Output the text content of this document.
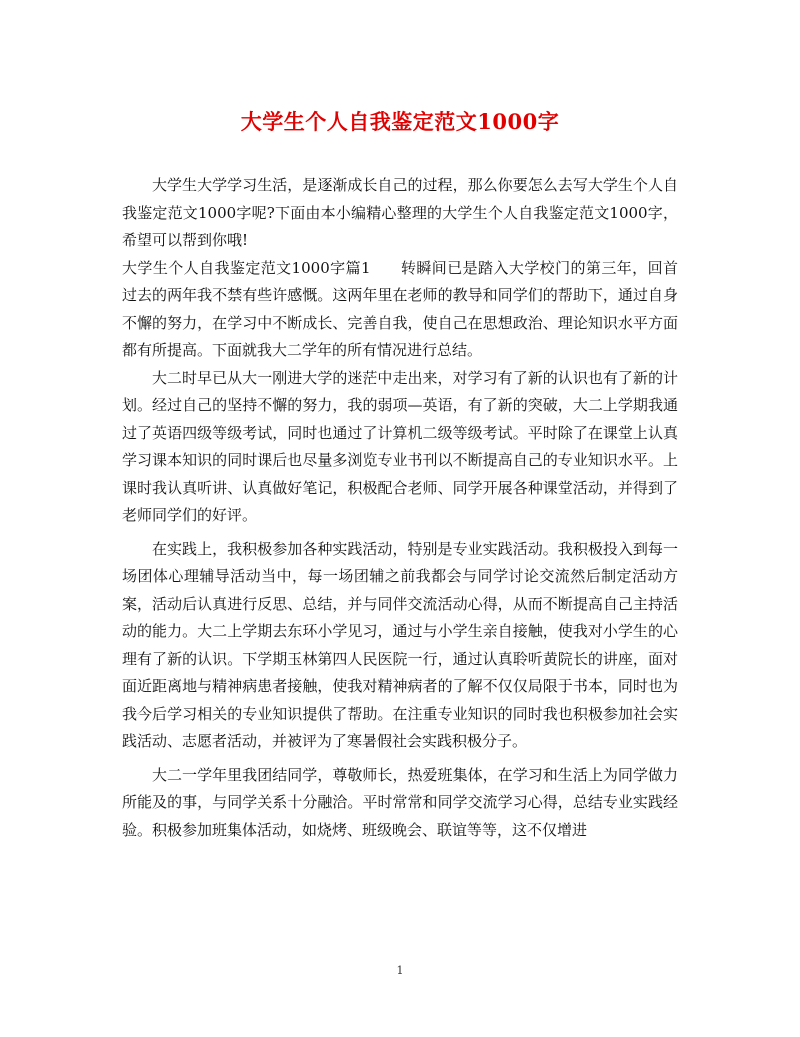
大学生个人自我鉴定范文1000字

大学生大学学习生活，是逐渐成长自己的过程，那么你要怎么去写大学生个人自我鉴定范文1000字呢?下面由本小编精心整理的大学生个人自我鉴定范文1000字，希望可以帮到你哦!

大学生个人自我鉴定范文1000字篇1 转瞬间已是踏入大学校门的第三年，回首过去的两年我不禁有些许感慨。这两年里在老师的教导和同学们的帮助下，通过自身不懈的努力，在学习中不断成长、完善自我，使自己在思想政治、理论知识水平方面都有所提高。下面就我大二学年的所有情况进行总结。

大二时早已从大一刚进大学的迷茫中走出来，对学习有了新的认识也有了新的计划。经过自己的坚持不懈的努力，我的弱项—英语，有了新的突破，大二上学期我通过了英语四级等级考试，同时也通过了计算机二级等级考试。平时除了在课堂上认真学习课本知识的同时课后也尽量多浏览专业书刊以不断提高自己的专业知识水平。上课时我认真听讲、认真做好笔记，积极配合老师、同学开展各种课堂活动，并得到了老师同学们的好评。

在实践上，我积极参加各种实践活动，特别是专业实践活动。我积极投入到每一场团体心理辅导活动当中，每一场团辅之前我都会与同学讨论交流然后制定活动方案，活动后认真进行反思、总结，并与同伴交流活动心得，从而不断提高自己主持活动的能力。大二上学期去东环小学见习，通过与小学生亲自接触，使我对小学生的心理有了新的认识。下学期玉林第四人民医院一行，通过认真聆听黄院长的讲座，面对面近距离地与精神病患者接触，使我对精神病者的了解不仅仅局限于书本，同时也为我今后学习相关的专业知识提供了帮助。在注重专业知识的同时我也积极参加社会实践活动、志愿者活动，并被评为了寒暑假社会实践积极分子。

大二一学年里我团结同学，尊敬师长，热爱班集体，在学习和生活上为同学做力所能及的事，与同学关系十分融洽。平时常常和同学交流学习心得，总结专业实践经验。积极参加班集体活动，如烧烤、班级晚会、联谊等等，这不仅增进

1
